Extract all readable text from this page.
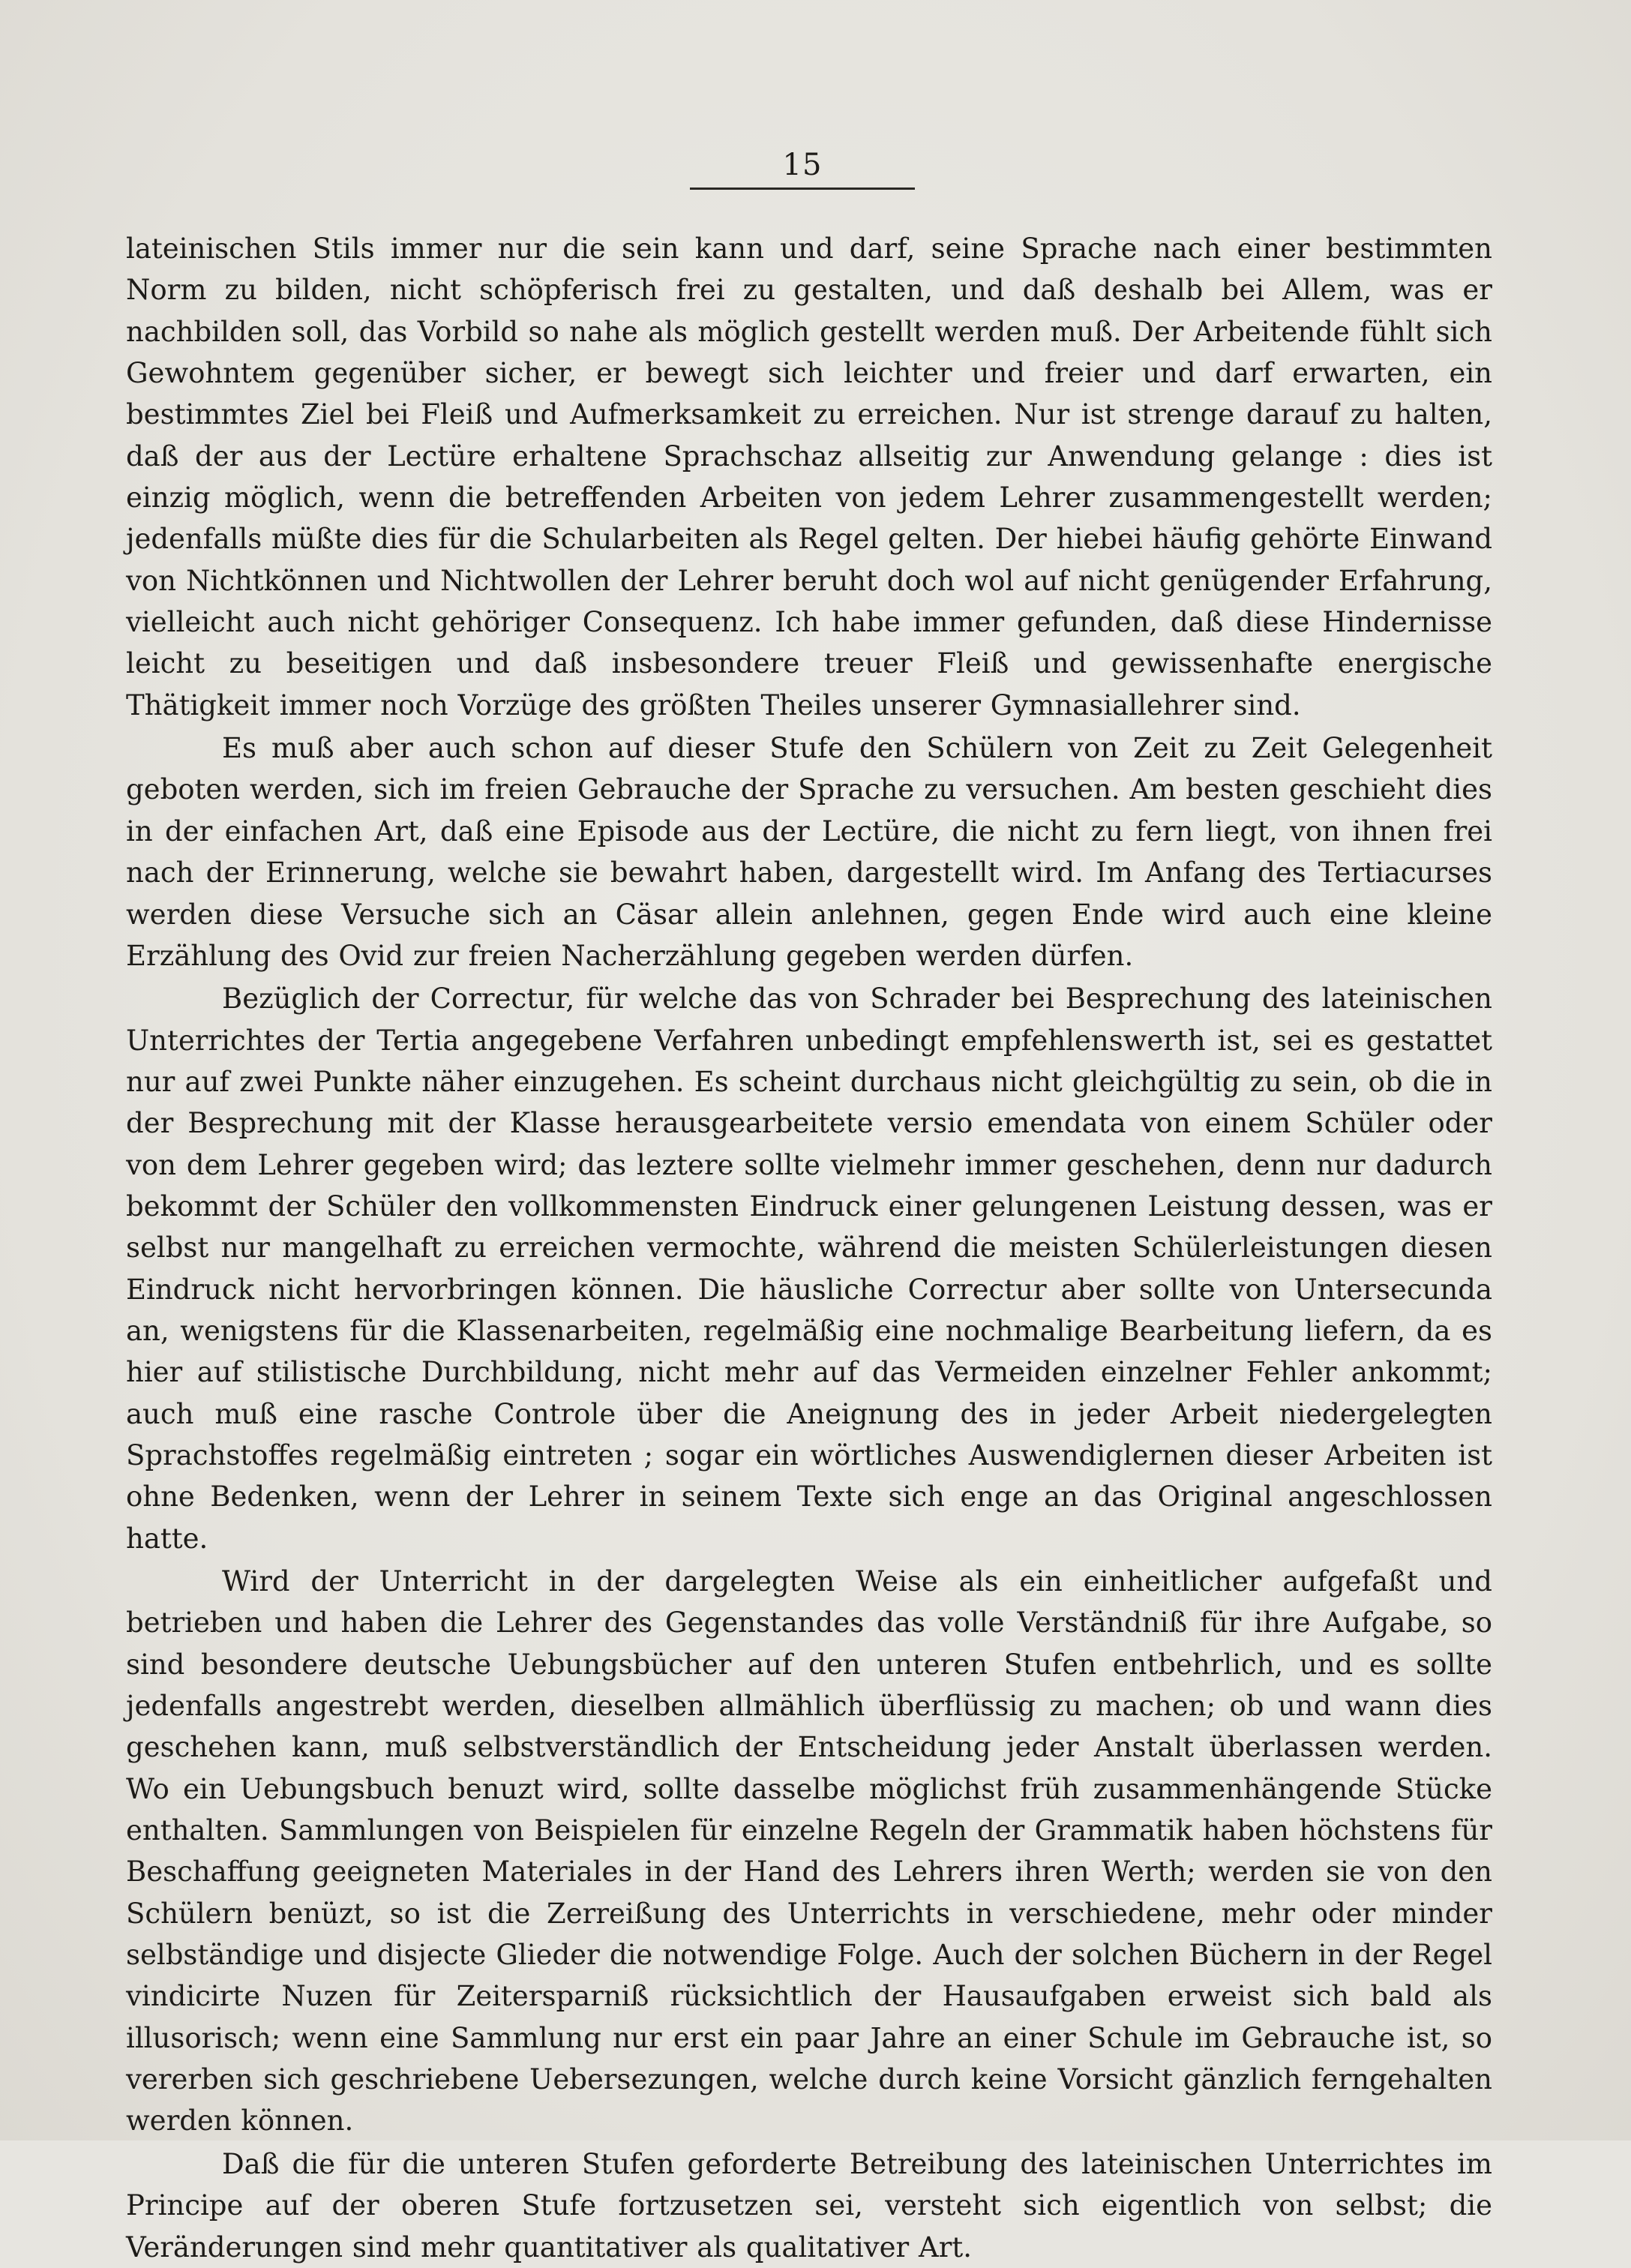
15

lateinischen Stils immer nur die sein kann und darf, seine Sprache nach einer bestimmten Norm zu bilden, nicht schöpferisch frei zu gestalten, und daß deshalb bei Allem, was er nachbilden soll, das Vorbild so nahe als möglich gestellt werden muß. Der Arbeitende fühlt sich Gewohntem gegenüber sicher, er bewegt sich leichter und freier und darf erwarten, ein bestimmtes Ziel bei Fleiß und Aufmerksamkeit zu erreichen. Nur ist strenge darauf zu halten, daß der aus der Lectüre erhaltene Sprachschaz allseitig zur Anwendung gelange : dies ist einzig möglich, wenn die betreffenden Arbeiten von jedem Lehrer zusammengestellt werden; jedenfalls müßte dies für die Schularbeiten als Regel gelten. Der hiebei häufig gehörte Einwand von Nichtkönnen und Nichtwollen der Lehrer beruht doch wol auf nicht genügender Erfahrung, vielleicht auch nicht gehöriger Consequenz. Ich habe immer gefunden, daß diese Hindernisse leicht zu beseitigen und daß insbesondere treuer Fleiß und gewissenhafte energische Thätigkeit immer noch Vorzüge des größten Theiles unserer Gymnasiallehrer sind.

Es muß aber auch schon auf dieser Stufe den Schülern von Zeit zu Zeit Gelegenheit geboten werden, sich im freien Gebrauche der Sprache zu versuchen. Am besten geschieht dies in der einfachen Art, daß eine Episode aus der Lectüre, die nicht zu fern liegt, von ihnen frei nach der Erinnerung, welche sie bewahrt haben, dargestellt wird. Im Anfang des Tertiacurses werden diese Versuche sich an Cäsar allein anlehnen, gegen Ende wird auch eine kleine Erzählung des Ovid zur freien Nacherzählung gegeben werden dürfen.

Bezüglich der Correctur, für welche das von Schrader bei Besprechung des lateinischen Unterrichtes der Tertia angegebene Verfahren unbedingt empfehlenswerth ist, sei es gestattet nur auf zwei Punkte näher einzugehen. Es scheint durchaus nicht gleichgültig zu sein, ob die in der Besprechung mit der Klasse herausgearbeitete versio emendata von einem Schüler oder von dem Lehrer gegeben wird; das leztere sollte vielmehr immer geschehen, denn nur dadurch bekommt der Schüler den vollkommensten Eindruck einer gelungenen Leistung dessen, was er selbst nur mangelhaft zu erreichen vermochte, während die meisten Schülerleistungen diesen Eindruck nicht hervorbringen können. Die häusliche Correctur aber sollte von Untersecunda an, wenigstens für die Klassenarbeiten, regelmäßig eine nochmalige Bearbeitung liefern, da es hier auf stilistische Durchbildung, nicht mehr auf das Vermeiden einzelner Fehler ankommt; auch muß eine rasche Controle über die Aneignung des in jeder Arbeit niedergelegten Sprachstoffes regelmäßig eintreten ; sogar ein wörtliches Auswendiglernen dieser Arbeiten ist ohne Bedenken, wenn der Lehrer in seinem Texte sich enge an das Original angeschlossen hatte.

Wird der Unterricht in der dargelegten Weise als ein einheitlicher aufgefaßt und betrieben und haben die Lehrer des Gegenstandes das volle Verständniß für ihre Aufgabe, so sind besondere deutsche Uebungsbücher auf den unteren Stufen entbehrlich, und es sollte jedenfalls angestrebt werden, dieselben allmählich überflüssig zu machen; ob und wann dies geschehen kann, muß selbstverständlich der Entscheidung jeder Anstalt überlassen werden. Wo ein Uebungsbuch benuzt wird, sollte dasselbe möglichst früh zusammenhängende Stücke enthalten. Sammlungen von Beispielen für einzelne Regeln der Grammatik haben höchstens für Beschaffung geeigneten Materiales in der Hand des Lehrers ihren Werth; werden sie von den Schülern benüzt, so ist die Zerreißung des Unterrichts in verschiedene, mehr oder minder selbständige und disjecte Glieder die notwendige Folge. Auch der solchen Büchern in der Regel vindicirte Nuzen für Zeitersparniß rücksichtlich der Hausaufgaben erweist sich bald als illusorisch; wenn eine Sammlung nur erst ein paar Jahre an einer Schule im Gebrauche ist, so vererben sich geschriebene Uebersezungen, welche durch keine Vorsicht gänzlich ferngehalten werden können.

Daß die für die unteren Stufen geforderte Betreibung des lateinischen Unterrichtes im Principe auf der oberen Stufe fortzusetzen sei, versteht sich eigentlich von selbst; die Veränderungen sind mehr quantitativer als qualitativer Art.
